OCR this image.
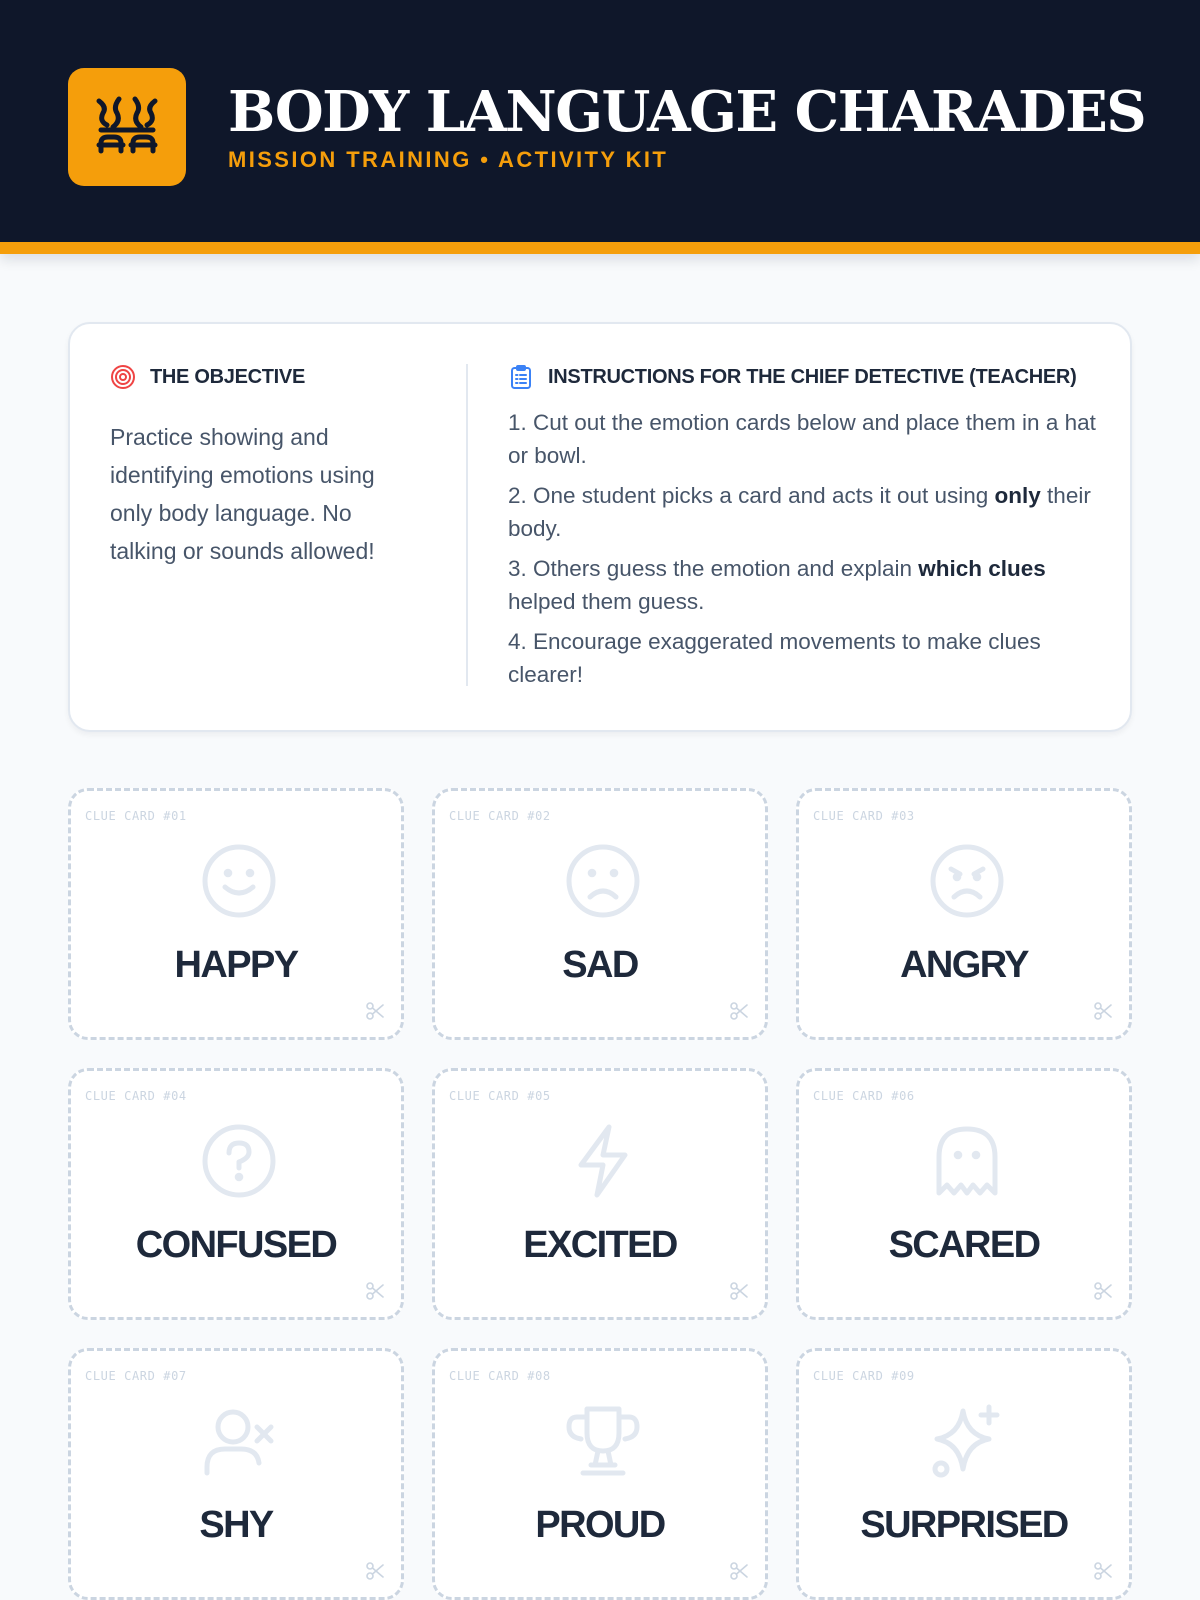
BODY LANGUAGE CHARADES
MISSION TRAINING • ACTIVITY KIT
THE OBJECTIVE

Practice showing and identifying emotions using only body language. No talking or sounds allowed!

INSTRUCTIONS FOR THE CHIEF DETECTIVE (TEACHER)
1. Cut out the emotion cards below and place them in a hat or bowl.
2. One student picks a card and acts it out using only their body.
3. Others guess the emotion and explain which clues helped them guess.
4. Encourage exaggerated movements to make clues clearer!
CLUE CARD #01
HAPPY
CLUE CARD #02
SAD
CLUE CARD #03
ANGRY
CLUE CARD #04
CONFUSED
CLUE CARD #05
EXCITED
CLUE CARD #06
SCARED
CLUE CARD #07
SHY
CLUE CARD #08
PROUD
CLUE CARD #09
SURPRISED
